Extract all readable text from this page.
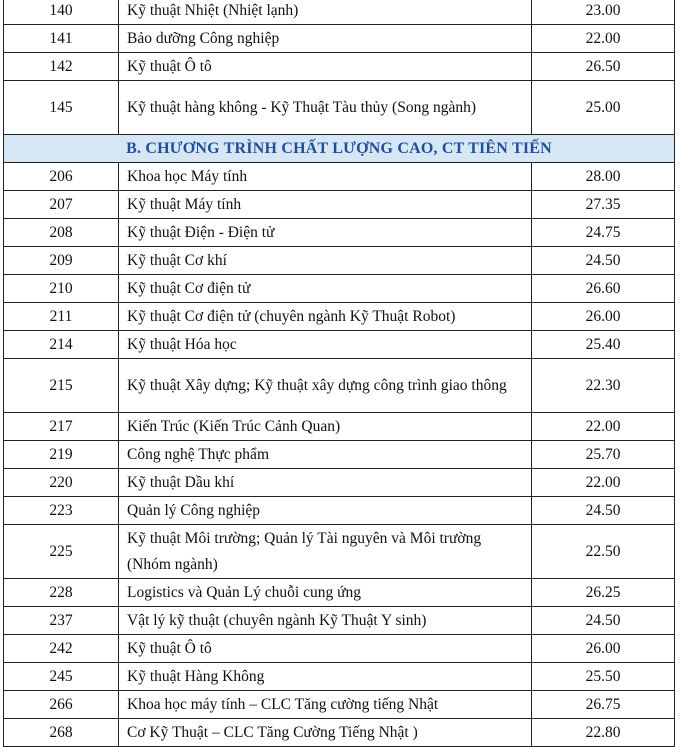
140	Kỹ thuật Nhiệt (Nhiệt lạnh)	23.00
141	Bảo dưỡng Công nghiệp	22.00
142	Kỹ thuật Ô tô	26.50
145	Kỹ thuật hàng không - Kỹ Thuật Tàu thủy (Song ngành)	25.00
B. CHƯƠNG TRÌNH CHẤT LƯỢNG CAO, CT TIÊN TIẾN		
206	Khoa học Máy tính	28.00
207	Kỹ thuật Máy tính	27.35
208	Kỹ thuật Điện - Điện tử	24.75
209	Kỹ thuật Cơ khí	24.50
210	Kỹ thuật Cơ điện tử	26.60
211	Kỹ thuật Cơ điện tử (chuyên ngành Kỹ Thuật Robot)	26.00
214	Kỹ thuật Hóa học	25.40
215	Kỹ thuật Xây dựng; Kỹ thuật xây dựng công trình giao thông	22.30
217	Kiến Trúc (Kiến Trúc Cảnh Quan)	22.00
219	Công nghệ Thực phẩm	25.70
220	Kỹ thuật Dầu khí	22.00
223	Quản lý Công nghiệp	24.50
225	Kỹ thuật Môi trường; Quản lý Tài nguyên và Môi trường (Nhóm ngành)	22.50
228	Logistics và Quản Lý chuỗi cung ứng	26.25
237	Vật lý kỹ thuật (chuyên ngành Kỹ Thuật Y sinh)	24.50
242	Kỹ thuật Ô tô	26.00
245	Kỹ thuật Hàng Không	25.50
266	Khoa học máy tính – CLC Tăng cường tiếng Nhật	26.75
268	Cơ Kỹ Thuật – CLC Tăng Cường Tiếng Nhật )	22.80
